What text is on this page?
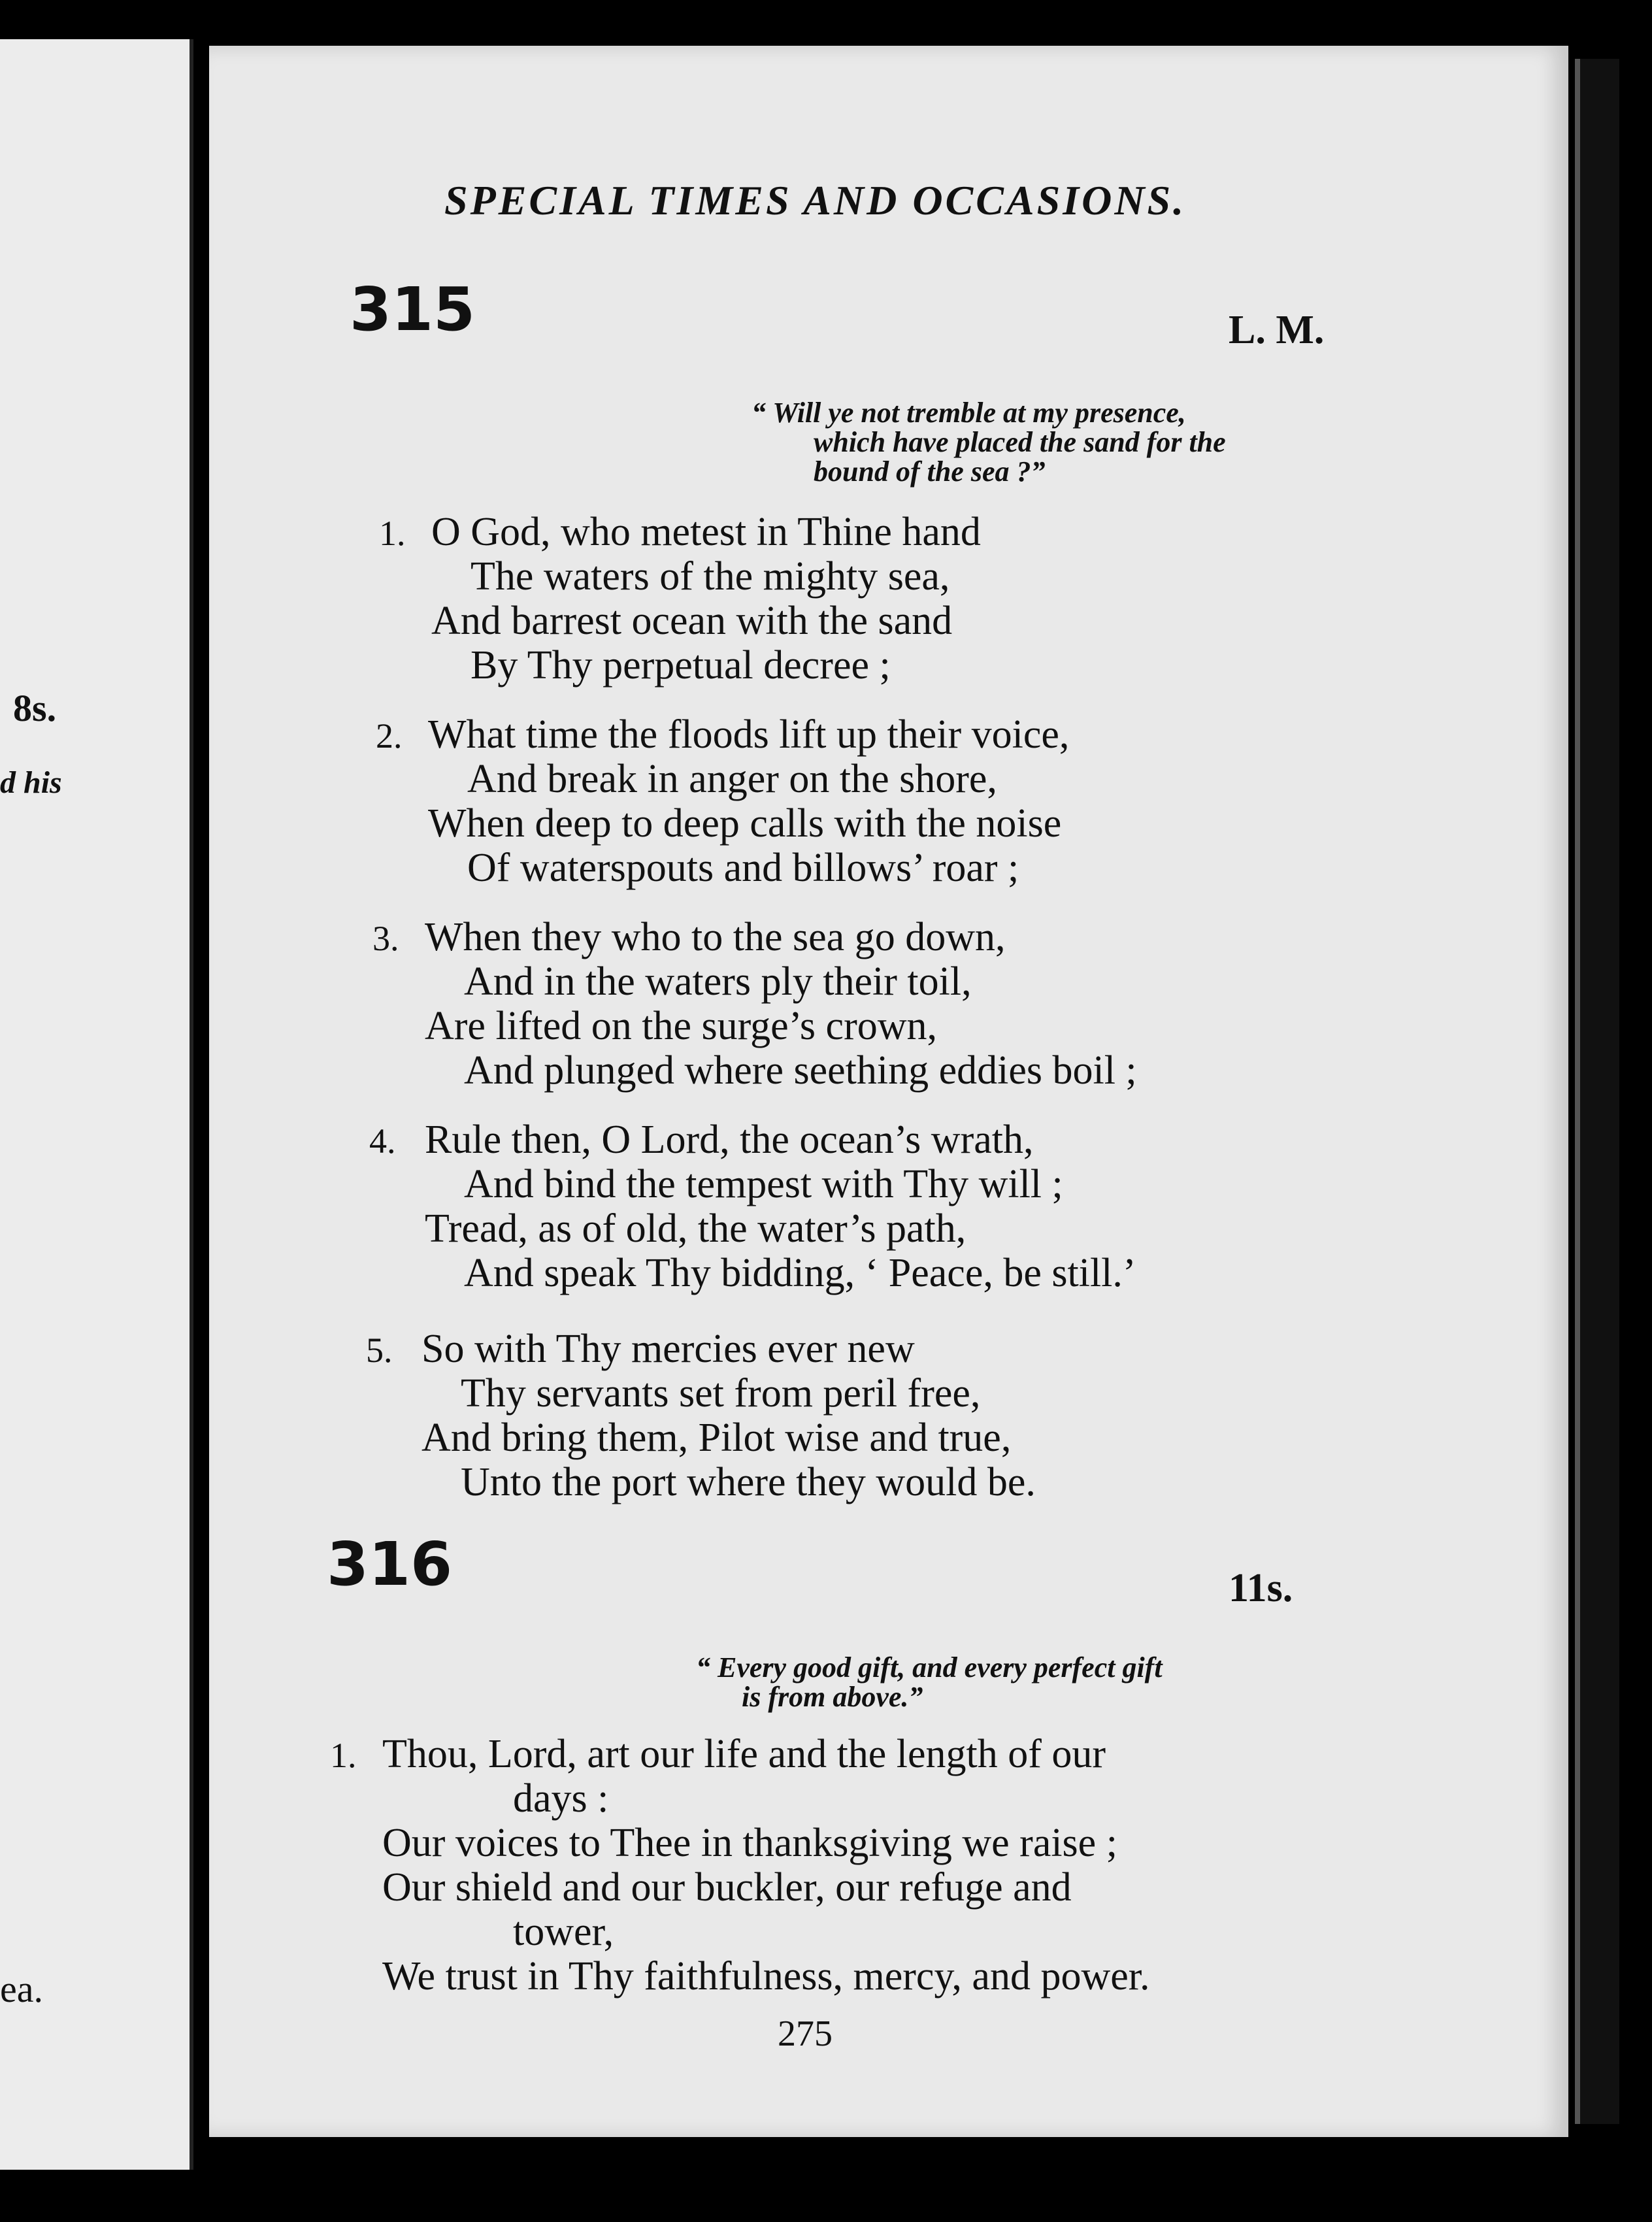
8s.
d his
ea.
SPECIAL TIMES AND OCCASIONS.
315	L. M.
“ Will ye not tremble at my presence,
which have placed the sand for the
bound of the sea ?”
1. O God, who metest in Thine hand
The waters of the mighty sea,
And barrest ocean with the sand
By Thy perpetual decree ;
2. What time the floods lift up their voice,
And break in anger on the shore,
When deep to deep calls with the noise
Of waterspouts and billows’ roar ;
3. When they who to the sea go down,
And in the waters ply their toil,
Are lifted on the surge’s crown,
And plunged where seething eddies boil ;
4. Rule then, O Lord, the ocean’s wrath,
And bind the tempest with Thy will ;
Tread, as of old, the water’s path,
And speak Thy bidding, ‘ Peace, be still.’
5. So with Thy mercies ever new
Thy servants set from peril free,
And bring them, Pilot wise and true,
Unto the port where they would be.
316	11s.
“ Every good gift, and every perfect gift
is from above.”
1. Thou, Lord, art our life and the length of our
days :
Our voices to Thee in thanksgiving we raise ;
Our shield and our buckler, our refuge and
tower,
We trust in Thy faithfulness, mercy, and power.
275
